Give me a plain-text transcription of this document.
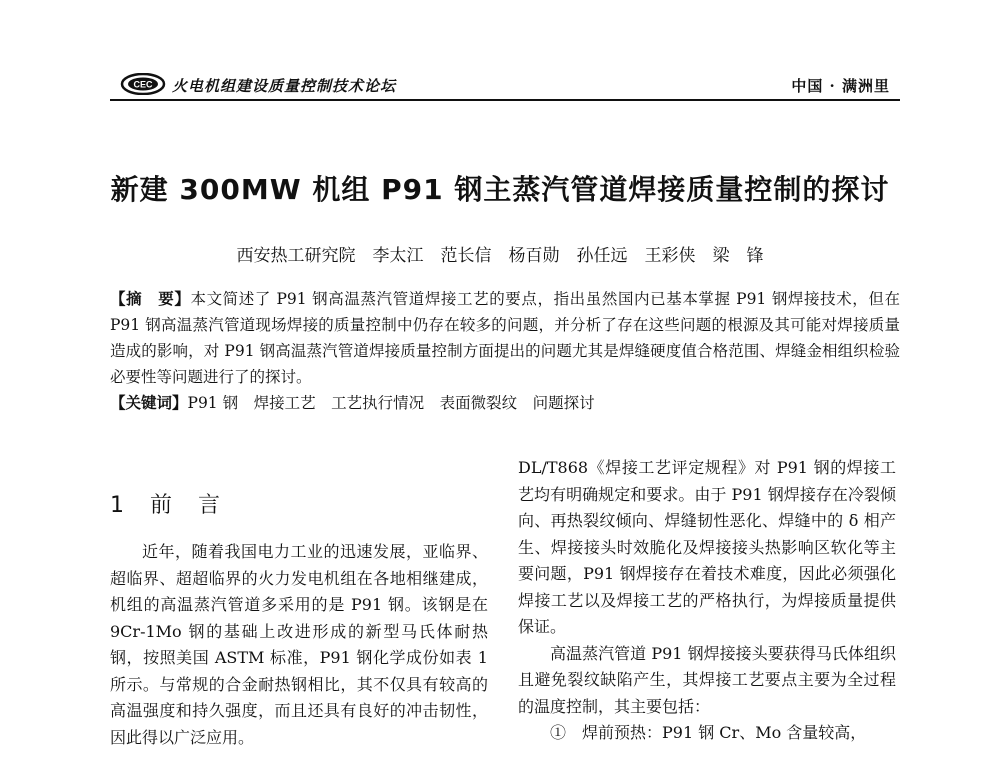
CEC 火电机组建设质量控制技术论坛	中国 · 满洲里
新建 300MW 机组 P91 钢主蒸汽管道焊接质量控制的探讨
西安热工研究院　李太江　范长信　杨百勋　孙任远　王彩侠　梁　锋

【摘　要】本文简述了 P91 钢高温蒸汽管道焊接工艺的要点，指出虽然国内已基本掌握 P91 钢焊接技术，但在 P91 钢高温蒸汽管道现场焊接的质量控制中仍存在较多的问题，并分析了存在这些问题的根源及其可能对焊接质量造成的影响，对 P91 钢高温蒸汽管道焊接质量控制方面提出的问题尤其是焊缝硬度值合格范围、焊缝金相组织检验必要性等问题进行了的探讨。

【关键词】P91 钢　焊接工艺　工艺执行情况　表面微裂纹　问题探讨

1　前　言

近年，随着我国电力工业的迅速发展，亚临界、超临界、超超临界的火力发电机组在各地相继建成，机组的高温蒸汽管道多采用的是 P91 钢。该钢是在 9Cr-1Mo 钢的基础上改进形成的新型马氏体耐热钢，按照美国 ASTM 标准，P91 钢化学成份如表 1 所示。与常规的合金耐热钢相比，其不仅具有较高的高温强度和持久强度，而且还具有良好的冲击韧性，因此得以广泛应用。

DL/T868《焊接工艺评定规程》对 P91 钢的焊接工艺均有明确规定和要求。由于 P91 钢焊接存在冷裂倾向、再热裂纹倾向、焊缝韧性恶化、焊缝中的 δ 相产生、焊接接头时效脆化及焊接接头热影响区软化等主要问题，P91 钢焊接存在着技术难度，因此必须强化焊接工艺以及焊接工艺的严格执行，为焊接质量提供保证。

高温蒸汽管道 P91 钢焊接接头要获得马氏体组织且避免裂纹缺陷产生，其焊接工艺要点主要为全过程的温度控制，其主要包括：

①　焊前预热：P91 钢 Cr、Mo 含量较高，
